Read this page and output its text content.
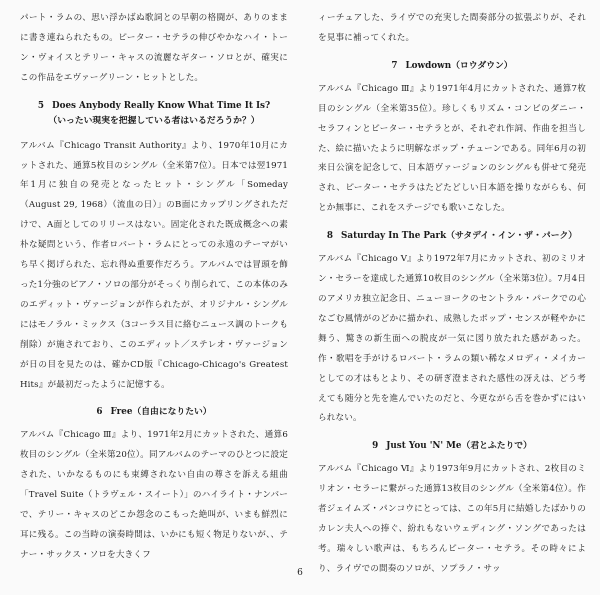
パート・ラムの、思い浮かばぬ歌詞との早朝の格闘が、ありのままに書き連ねられたもの。ピーター・セテラの伸びやかなハイ・トーン・ヴォイスとテリー・キャスの流麗なギター・ソロとが、確実にこの作品をエヴァーグリーン・ヒットとした。

5 Does Anybody Really Know What Time It Is?
（いったい現実を把握している者はいるだろうか？）

アルバム『Chicago Transit Authority』より、1970年10月にカットされた、通算5枚目のシングル（全米第7位）。日本では翌1971年1月に独自の発売となったヒット・シングル「Someday（August 29, 1968）（流血の日）」のB面にカップリングされただけで、A面としてのリリースはない。固定化された既成概念への素朴な疑問という、作者ロバート・ラムにとっての永遠のテーマがいち早く掲げられた、忘れ得ぬ重要作だろう。アルバムでは冒頭を飾った1分強のピアノ・ソロの部分がそっくり削られて、この本体のみのエディット・ヴァージョンが作られたが、オリジナル・シングルにはモノラル・ミックス（3コーラス目に絡むニュース調のトークも削除）が施されており、このエディット／ステレオ・ヴァージョンが日の目を見たのは、確かCD版『Chicago-Chicago's Greatest Hits』が最初だったように記憶する。

6 Free（自由になりたい）

アルバム『Chicago Ⅲ』より、1971年2月にカットされた、通算6枚目のシングル（全米第20位）。同アルバムのテーマのひとつに設定された、いかなるものにも束縛されない自由の尊さを訴える組曲「Travel Suite（トラヴェル・スイート）」のハイライト・ナンバーで、テリー・キャスのどこか怨念のこもった絶叫が、いまも鮮烈に耳に残る。この当時の演奏時間は、いかにも短く物足りないが、、テナー・サックス・ソロを大きくフ

ィーチュアした、ライヴでの充実した間奏部分の拡張ぶりが、それを見事に補ってくれた。

7 Lowdown（ロウダウン）

アルバム『Chicago Ⅲ』より1971年4月にカットされた、通算7枚目のシングル（全米第35位）。珍しくもリズム・コンビのダニー・セラフィンとピーター・セテラとが、それぞれ作詞、作曲を担当した、絵に描いたように明解なポップ・チューンである。同年6月の初来日公演を記念して、日本語ヴァージョンのシングルも併せて発売され、ピーター・セテラはたどたどしい日本語を操りながらも、何とか無事に、これをステージでも歌いこなした。

8 Saturday In The Park（サタデイ・イン・ザ・パーク）

アルバム『Chicago Ⅴ』より1972年7月にカットされ、初のミリオン・セラーを達成した通算10枚目のシングル（全米第3位）。7月4日のアメリカ独立記念日、ニューヨークのセントラル・パークでの心なごむ風情がのどかに描かれ、成熟したポップ・センスが軽やかに舞う、驚きの新生面への脱皮が一気に図り放たれた感があった。作・歌唱を手がけるロバート・ラムの類い稀なメロディ・メイカーとしての才はもとより、その研ぎ澄まされた感性の冴えは、どう考えても随分と先を進んでいたのだと、今更ながら舌を巻かずにはいられない。

9 Just You 'N' Me（君とふたりで）

アルバム『Chicago Ⅵ』より1973年9月にカットされ、2枚目のミリオン・セラーに繋がった通算13枚目のシングル（全米第4位）。作者ジェイムズ・パンコウにとっては、この年5月に結婚したばかりのカレン夫人への捧ぐ、紛れもないウェディング・ソングであったは考。瑞々しい歌声は、もちろんピーター・セテラ。その時々により、ライヴでの間奏のソロが、ソプラノ・サッ

6
